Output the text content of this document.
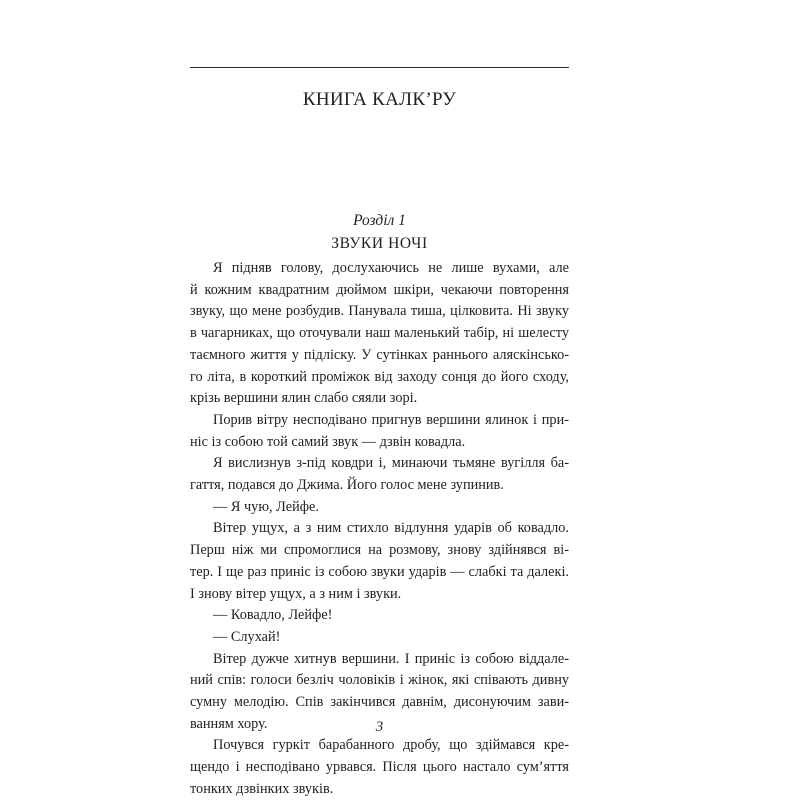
КНИГА КАЛК’РУ
Розділ 1
ЗВУКИ НОЧІ

Я підняв голову, дослухаючись не лише вухами, але
й кожним квадратним дюймом шкіри, чекаючи повторення
звуку, що мене розбудив. Панувала тиша, цілковита. Ні звуку
в чагарниках, що оточували наш маленький табір, ні шелесту
таємного життя у підліску. У сутінках раннього аляскінсько-
го літа, в короткий проміжок від заходу сонця до його сходу,
крізь вершини ялин слабо сяяли зорі.

Порив вітру несподівано пригнув вершини ялинок і при-
ніс із собою той самий звук — дзвін ковадла.

Я вислизнув з-під ковдри і, минаючи тьмяне вугілля ба-
гаття, подався до Джима. Його голос мене зупинив.

— Я чую, Лейфе.

Вітер ущух, а з ним стихло відлуння ударів об ковадло.
Перш ніж ми спромоглися на розмову, знову здійнявся ві-
тер. І ще раз приніс із собою звуки ударів — слабкі та далекі.
І знову вітер ущух, а з ним і звуки.

— Ковадло, Лейфе!

— Слухай!

Вітер дужче хитнув вершини. І приніс із собою віддале-
ний спів: голоси безліч чоловіків і жінок, які співають дивну
сумну мелодію. Спів закінчився давнім, дисонуючим зави-
ванням хору.

Почувся гуркіт барабанного дробу, що здіймався кре-
щендо і несподівано урвався. Після цього настало сум’яття
тонких дзвінких звуків.

3
